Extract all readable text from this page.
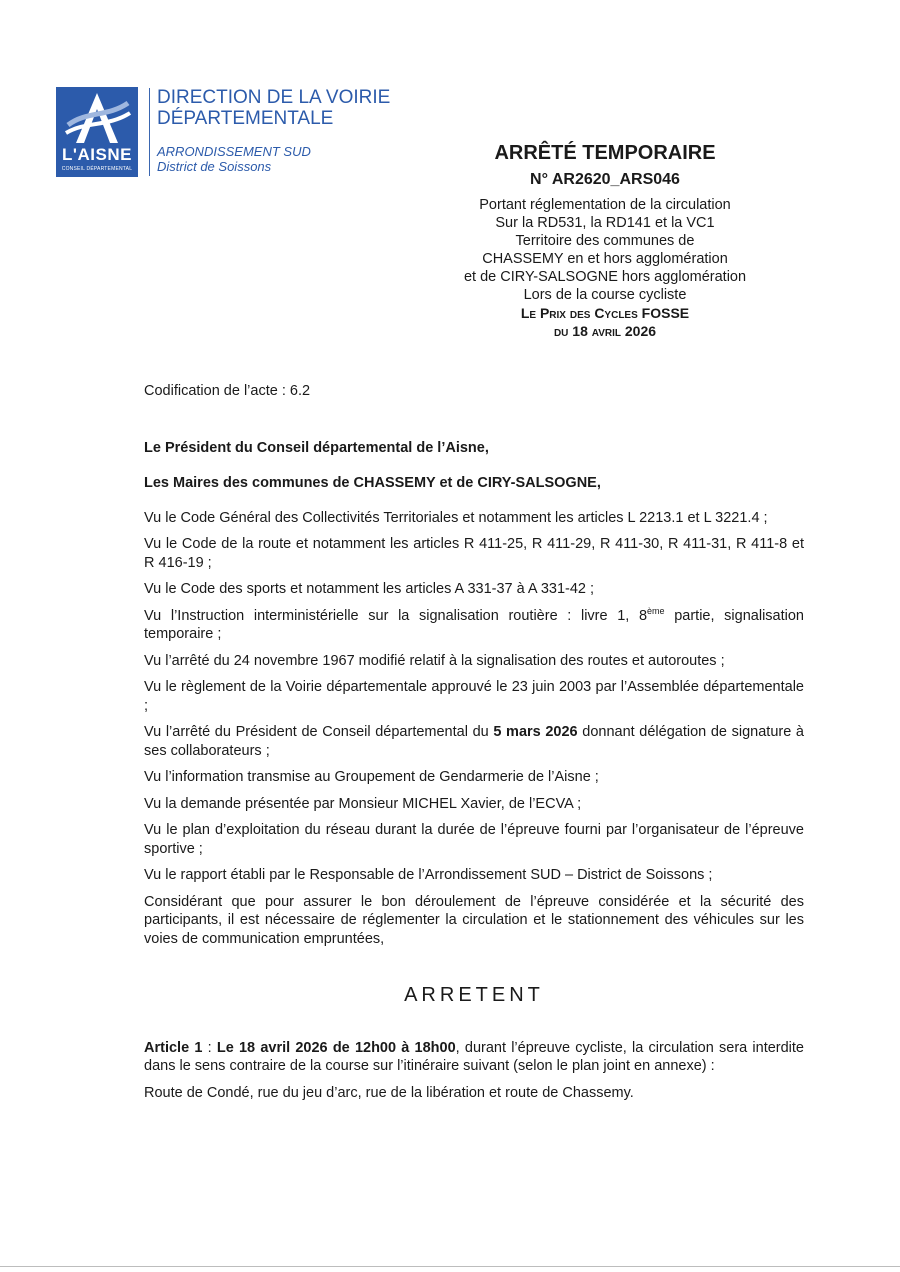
L'AISNE
CONSEIL DÉPARTEMENTAL
DIRECTION DE LA VOIRIE
DÉPARTEMENTALE
ARRONDISSEMENT SUD
District de Soissons
ARRÊTÉ TEMPORAIRE
N° AR2620_ARS046
Portant réglementation de la circulation
Sur la RD531, la RD141 et la VC1
Territoire des communes de
CHASSEMY en et hors agglomération
et de CIRY-SALSOGNE hors agglomération
Lors de la course cycliste
Le Prix des Cycles FOSSE
du 18 avril 2026
Codification de l’acte : 6.2
Le Président du Conseil départemental de l’Aisne,
Les Maires des communes de CHASSEMY et de CIRY-SALSOGNE,
Vu le Code Général des Collectivités Territoriales et notamment les articles L 2213.1 et L 3221.4 ;
Vu le Code de la route et notamment les articles R 411-25, R 411-29, R 411-30, R 411-31, R 411-8 et R 416-19 ;
Vu le Code des sports et notamment les articles A 331-37 à A 331-42 ;
Vu l’Instruction interministérielle sur la signalisation routière : livre 1, 8ème partie, signalisation temporaire ;
Vu l’arrêté du 24 novembre 1967 modifié relatif à la signalisation des routes et autoroutes ;
Vu le règlement de la Voirie départementale approuvé le 23 juin 2003 par l’Assemblée départementale ;
Vu l’arrêté du Président de Conseil départemental du 5 mars 2026 donnant délégation de signature à ses collaborateurs ;
Vu l’information transmise au Groupement de Gendarmerie de l’Aisne ;
Vu la demande présentée par Monsieur MICHEL Xavier, de l’ECVA ;
Vu le plan d’exploitation du réseau durant la durée de l’épreuve fourni par l’organisateur de l’épreuve sportive ;
Vu le rapport établi par le Responsable de l’Arrondissement SUD – District de Soissons ;
Considérant que pour assurer le bon déroulement de l’épreuve considérée et la sécurité des participants, il est nécessaire de réglementer la circulation et le stationnement des véhicules sur les voies de communication empruntées,
ARRETENT
Article 1 : Le 18 avril 2026 de 12h00 à 18h00, durant l’épreuve cycliste, la circulation sera interdite dans le sens contraire de la course sur l’itinéraire suivant (selon le plan joint en annexe) :
Route de Condé, rue du jeu d’arc, rue de la libération et route de Chassemy.
